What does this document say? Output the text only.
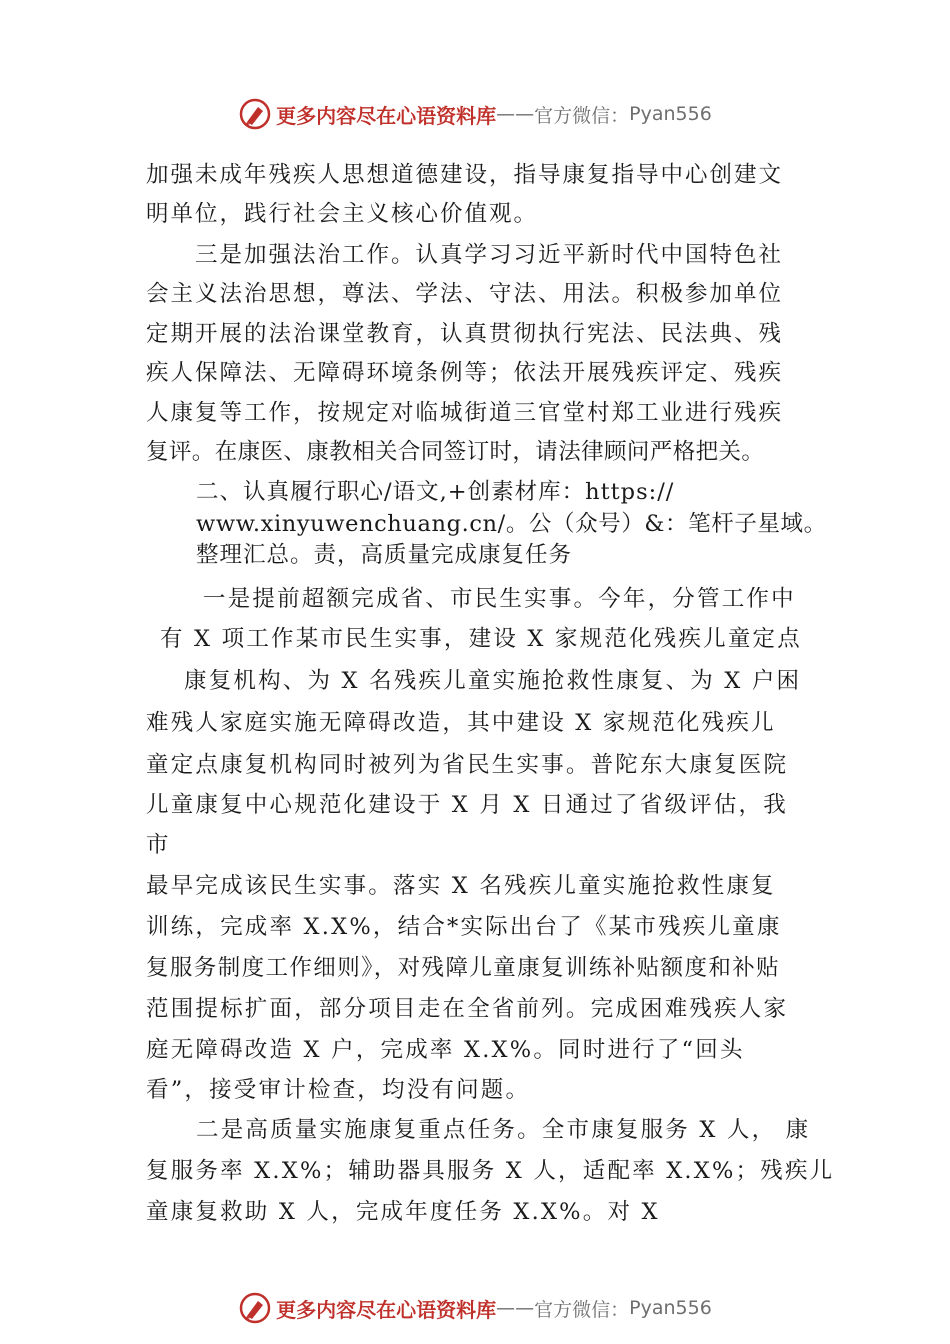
更多内容尽在心语资料库 —— 官方微信： Pyan556
加强未成年残疾人思想道德建设，指导康复指导中心创建文
明单位，践行社会主义核心价值观。
三是加强法治工作。认真学习习近平新时代中国特色社
会主义法治思想，尊法、学法、守法、用法。积极参加单位
定期开展的法治课堂教育，认真贯彻执行宪法、民法典、残
疾人保障法、无障碍环境条例等；依法开展残疾评定、残疾
人康复等工作，按规定对临城街道三官堂村郑工业进行残疾
复评。在康医、康教相关合同签订时，请法律顾问严格把关。
二、认真履行职心/语文,+创素材库：https://
www.xinyuwenchuang.cn/。公（众号）&：笔杆子星域。
整理汇总。责，高质量完成康复任务
一是提前超额完成省、市民生实事。今年，分管工作中
有 X 项工作某市民生实事，建设 X 家规范化残疾儿童定点
康复机构、为 X 名残疾儿童实施抢救性康复、为 X 户困
难残人家庭实施无障碍改造，其中建设 X 家规范化残疾儿
童定点康复机构同时被列为省民生实事。普陀东大康复医院
儿童康复中心规范化建设于 X 月 X 日通过了省级评估，我
市
最早完成该民生实事。落实 X 名残疾儿童实施抢救性康复
训练，完成率 X.X%，结合*实际出台了《某市残疾儿童康
复服务制度工作细则》，对残障儿童康复训练补贴额度和补贴
范围提标扩面，部分项目走在全省前列。完成困难残疾人家
庭无障碍改造 X 户，完成率 X.X%。同时进行了“回头
看”，接受审计检查，均没有问题。
二是高质量实施康复重点任务。全市康复服务 X 人， 康
复服务率 X.X%；辅助器具服务 X 人，适配率 X.X%；残疾儿
童康复救助 X 人，完成年度任务 X.X%。对 X
更多内容尽在心语资料库 —— 官方微信： Pyan556
